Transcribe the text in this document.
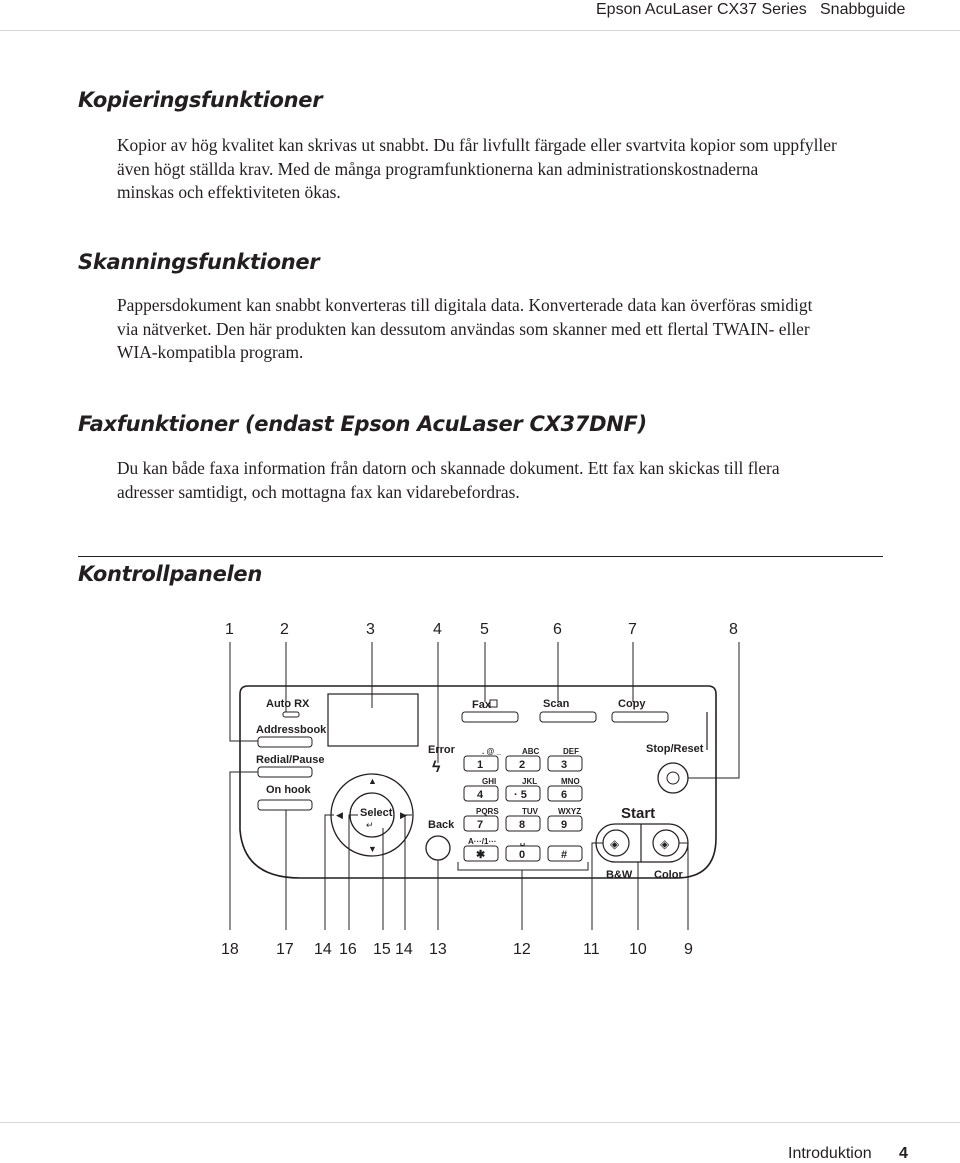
Epson AcuLaser CX37 Series Snabbguide
Kopieringsfunktioner

Kopior av hög kvalitet kan skrivas ut snabbt. Du får livfullt färgade eller svartvita kopior som uppfyller
även högt ställda krav. Med de många programfunktionerna kan administrationskostnaderna
minskas och effektiviteten ökas.

Skanningsfunktioner

Pappersdokument kan snabbt konverteras till digitala data. Konverterade data kan överföras smidigt
via nätverket. Den här produkten kan dessutom användas som skanner med ett flertal TWAIN- eller
WIA-kompatibla program.

Faxfunktioner (endast Epson AcuLaser CX37DNF)

Du kan både faxa information från datorn och skannade dokument. Ett fax kan skickas till flera
adresser samtidigt, och mottagna fax kan vidarebefordras.

Kontrollpanelen
Auto RX
Addressbook
Redial/Pause
On hook
Select
↵
▲
▼
◀	▶
Error
ϟ
Back
Fax	Scan	Copy
. @ _
1
ABC
2
DEF
3
GHI
4
JKL
· 5
MNO
6
PQRS
7
TUV
8
WXYZ
9
A···/1···
✱
␣
0	#
Stop/Reset
Start
◈	◈
B&W Color
1	2	3	4 5	6	7	8
18 17 14 16 15 14 13	12	11 10 9
Introduktion 4
